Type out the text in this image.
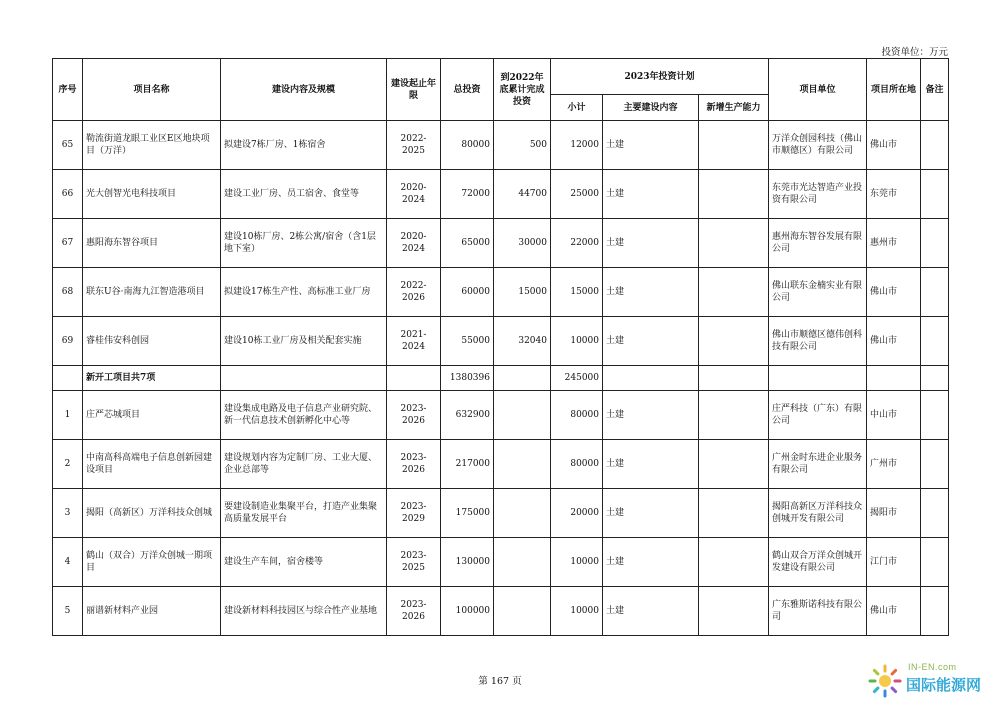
投资单位：万元
序号	项目名称	建设内容及规模	建设起止年限	总投资	到2022年底累计完成投资	2023年投资计划			项目单位	项目所在地	备注
						小计	主要建设内容	新增生产能力			
65	勒流街道龙眼工业区E区地块项目（万洋）	拟建设7栋厂房、1栋宿舍	2022-2025	80000	500	12000	土建		万洋众创园科技（佛山市顺德区）有限公司	佛山市	
66	光大创智光电科技项目	建设工业厂房、员工宿舍、食堂等	2020-2024	72000	44700	25000	土建		东莞市光达智造产业投资有限公司	东莞市	
67	惠阳海东智谷项目	建设10栋厂房、2栋公寓/宿舍（含1层地下室）	2020-2024	65000	30000	22000	土建		惠州海东智谷发展有限公司	惠州市	
68	联东U谷·南海九江智造港项目	拟建设17栋生产性、高标准工业厂房	2022-2026	60000	15000	15000	土建		佛山联东金楠实业有限公司	佛山市	
69	睿桂伟安科创园	建设10栋工业厂房及相关配套实施	2021-2024	55000	32040	10000	土建		佛山市顺德区德伟创科技有限公司	佛山市	
	新开工项目共7项			1380396		245000					
1	庄严芯城项目	建设集成电路及电子信息产业研究院、新一代信息技术创新孵化中心等	2023-2026	632900		80000	土建		庄严科技（广东）有限公司	中山市	
2	中南高科高端电子信息创新园建设项目	建设规划内容为定制厂房、工业大厦、企业总部等	2023-2026	217000		80000	土建		广州金时东进企业服务有限公司	广州市	
3	揭阳（高新区）万洋科技众创城	要建设制造业集聚平台，打造产业集聚高质量发展平台	2023-2029	175000		20000	土建		揭阳高新区万洋科技众创城开发有限公司	揭阳市	
4	鹤山（双合）万洋众创城一期项目	建设生产车间，宿舍楼等	2023-2025	130000		10000	土建		鹤山双合万洋众创城开发建设有限公司	江门市	
5	丽谱新材料产业园	建设新材料科技园区与综合性产业基地	2023-2026	100000		10000	土建		广东雅斯诺科技有限公司	佛山市	
第 167 页
IN-EN.com
国际能源网
